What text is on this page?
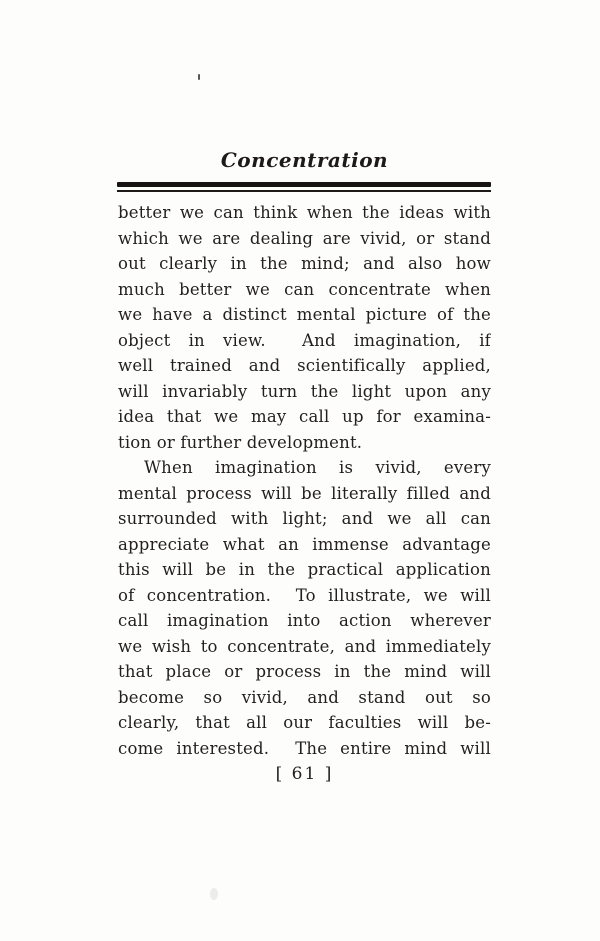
Concentration
better we can think when the ideas with
which we are dealing are vivid, or stand
out clearly in the mind; and also how
much better we can concentrate when
we have a distinct mental picture of the
object in view.  And imagination, if
well trained and scientifically applied,
will invariably turn the light upon any
idea that we may call up for examina-
tion or further development.
When imagination is vivid, every
mental process will be literally filled and
surrounded with light; and we all can
appreciate what an immense advantage
this will be in the practical application
of concentration.  To illustrate, we will
call imagination into action wherever
we wish to concentrate, and immediately
that place or process in the mind will
become so vivid, and stand out so
clearly, that all our faculties will be-
come interested.  The entire mind will
[ 61 ]
